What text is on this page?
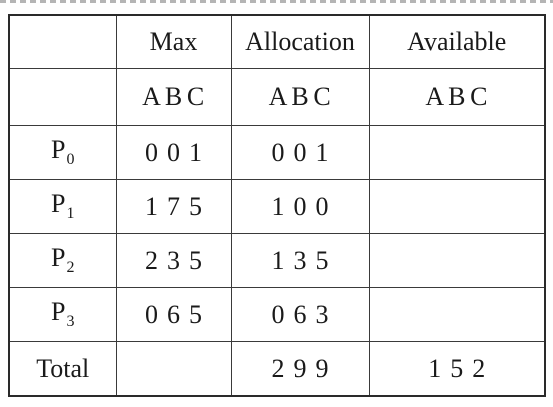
	Max	Allocation	Available
	A B C	A B C	A B C
$P_0$	0 0 1	0 0 1	
$P_1$	1 7 5	1 0 0	
$P_2$	2 3 5	1 3 5	
$P_3$	0 6 5	0 6 3	
Total		2 9 9	1 5 2
